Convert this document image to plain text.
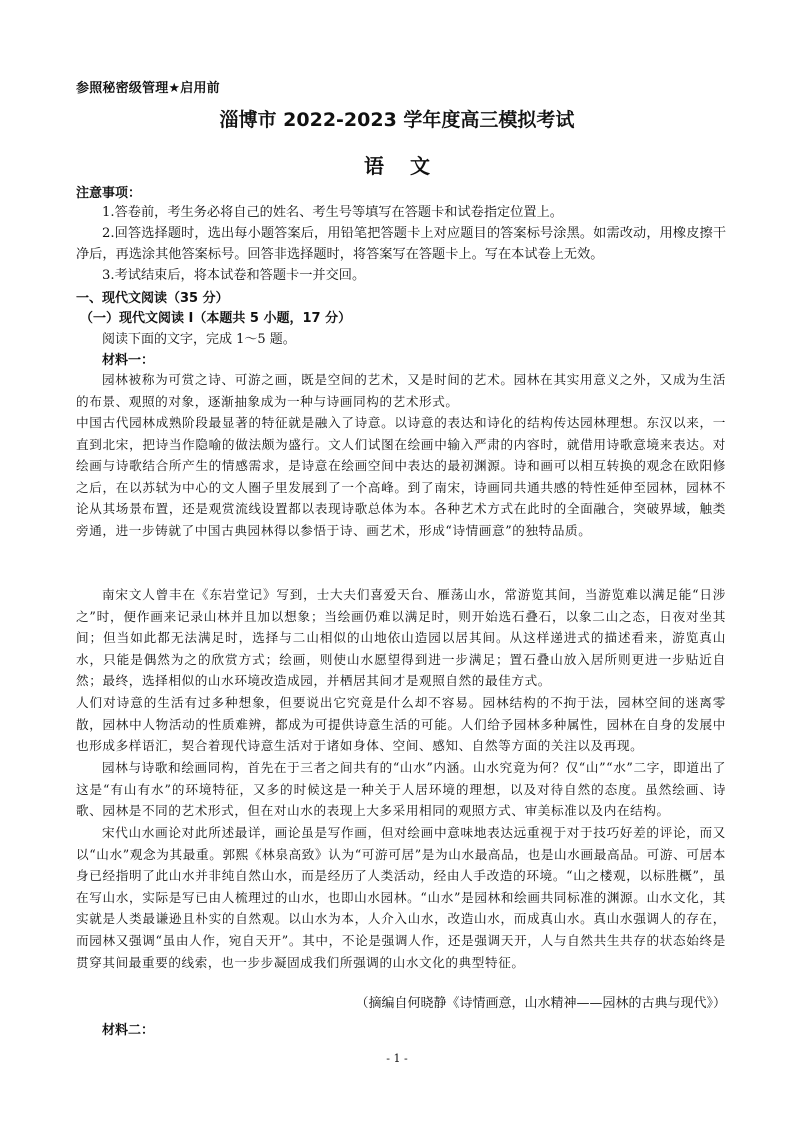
参照秘密级管理★启用前
淄博市 2022-2023 学年度高三模拟考试
语文
注意事项：
1.答卷前，考生务必将自己的姓名、考生号等填写在答题卡和试卷指定位置上。
2.回答选择题时，选出每小题答案后，用铅笔把答题卡上对应题目的答案标号涂黑。如需改动，用橡皮擦干净后，再选涂其他答案标号。回答非选择题时，将答案写在答题卡上。写在本试卷上无效。
3.考试结束后，将本试卷和答题卡一并交回。
一、现代文阅读（35 分）
（一）现代文阅读 I（本题共 5 小题，17 分）
阅读下面的文字，完成 1～5 题。
材料一：
园林被称为可赏之诗、可游之画，既是空间的艺术，又是时间的艺术。园林在其实用意义之外，又成为生活的布景、观照的对象，逐渐抽象成为一种与诗画同构的艺术形式。
中国古代园林成熟阶段最显著的特征就是融入了诗意。以诗意的表达和诗化的结构传达园林理想。东汉以来，一直到北宋，把诗当作隐喻的做法颇为盛行。文人们试图在绘画中输入严肃的内容时，就借用诗歌意境来表达。对绘画与诗歌结合所产生的情感需求，是诗意在绘画空间中表达的最初渊源。诗和画可以相互转换的观念在欧阳修之后，在以苏轼为中心的文人圈子里发展到了一个高峰。到了南宋，诗画同共通共感的特性延伸至园林，园林不论从其场景布置，还是观赏流线设置都以表现诗歌总体为本。各种艺术方式在此时的全面融合，突破界域，触类旁通，进一步铸就了中国古典园林得以参悟于诗、画艺术，形成“诗情画意”的独特品质。
南宋文人曾丰在《东岩堂记》写到，士大夫们喜爱天台、雁荡山水，常游览其间，当游览难以满足能“日涉之”时，便作画来记录山林并且加以想象；当绘画仍难以满足时，则开始选石叠石，以象二山之态，日夜对坐其间；但当如此都无法满足时，选择与二山相似的山地依山造园以居其间。从这样递进式的描述看来，游览真山水，只能是偶然为之的欣赏方式；绘画，则使山水愿望得到进一步满足；置石叠山放入居所则更进一步贴近自然；最终，选择相似的山水环境改造成园，并栖居其间才是观照自然的最佳方式。
人们对诗意的生活有过多种想象，但要说出它究竟是什么却不容易。园林结构的不拘于法，园林空间的迷离零散，园林中人物活动的性质难辨，都成为可提供诗意生活的可能。人们给予园林多种属性，园林在自身的发展中也形成多样语汇，契合着现代诗意生活对于诸如身体、空间、感知、自然等方面的关注以及再现。
园林与诗歌和绘画同构，首先在于三者之间共有的“山水”内涵。山水究竟为何？仅“山”“水”二字，即道出了这是“有山有水”的环境特征，又多的时候这是一种关于人居环境的理想，以及对待自然的态度。虽然绘画、诗歌、园林是不同的艺术形式，但在对山水的表现上大多采用相同的观照方式、审美标准以及内在结构。
宋代山水画论对此所述最详，画论虽是写作画，但对绘画中意味地表达远重视于对于技巧好差的评论，而又以“山水”观念为其最重。郭熙《林泉高致》认为“可游可居”是为山水最高品，也是山水画最高品。可游、可居本身已经指明了此山水并非纯自然山水，而是经历了人类活动，经由人手改造的环境。“山之楼观，以标胜概”，虽在写山水，实际是写已由人梳理过的山水，也即山水园林。“山水”是园林和绘画共同标准的渊源。山水文化，其实就是人类最谦逊且朴实的自然观。以山水为本，人介入山水，改造山水，而成真山水。真山水强调人的存在，而园林又强调“虽由人作，宛自天开”。其中，不论是强调人作，还是强调天开，人与自然共生共存的状态始终是贯穿其间最重要的线索，也一步步凝固成我们所强调的山水文化的典型特征。
（摘编自何晓静《诗情画意，山水精神——园林的古典与现代》）
材料二：
- 1 -
